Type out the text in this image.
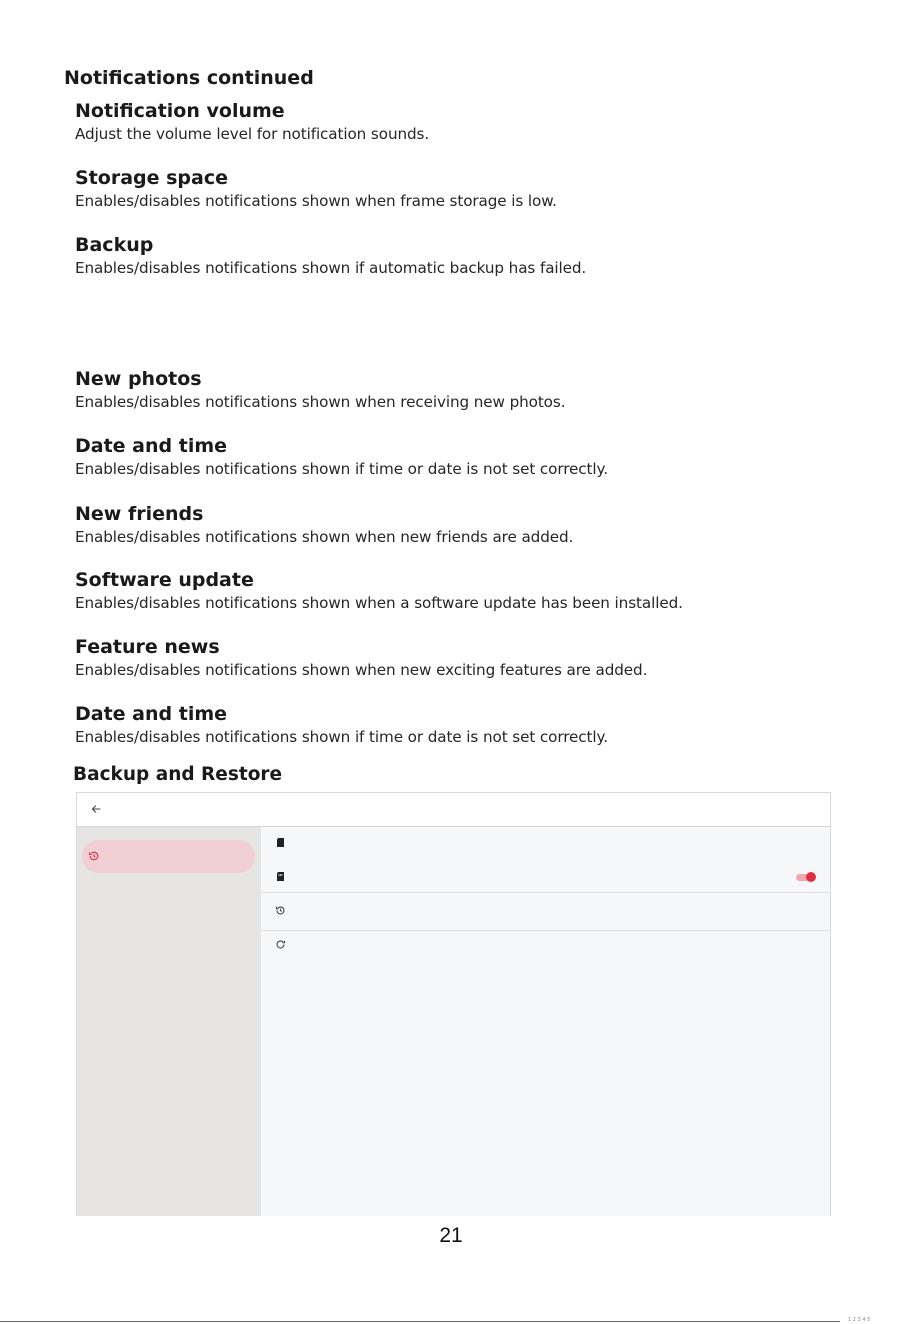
Notifications continued

Notification volume

Adjust the volume level for notification sounds.

Storage space

Enables/disables notifications shown when frame storage is low.

Backup

Enables/disables notifications shown if automatic backup has failed.

New photos

Enables/disables notifications shown when receiving new photos.

Date and time

Enables/disables notifications shown if time or date is not set correctly.

New friends

Enables/disables notifications shown when new friends are added.

Software update

Enables/disables notifications shown when a software update has been installed.

Feature news

Enables/disables notifications shown when new exciting features are added.

Date and time

Enables/disables notifications shown if time or date is not set correctly.

Backup and Restore
21
1 2 3 4 5
